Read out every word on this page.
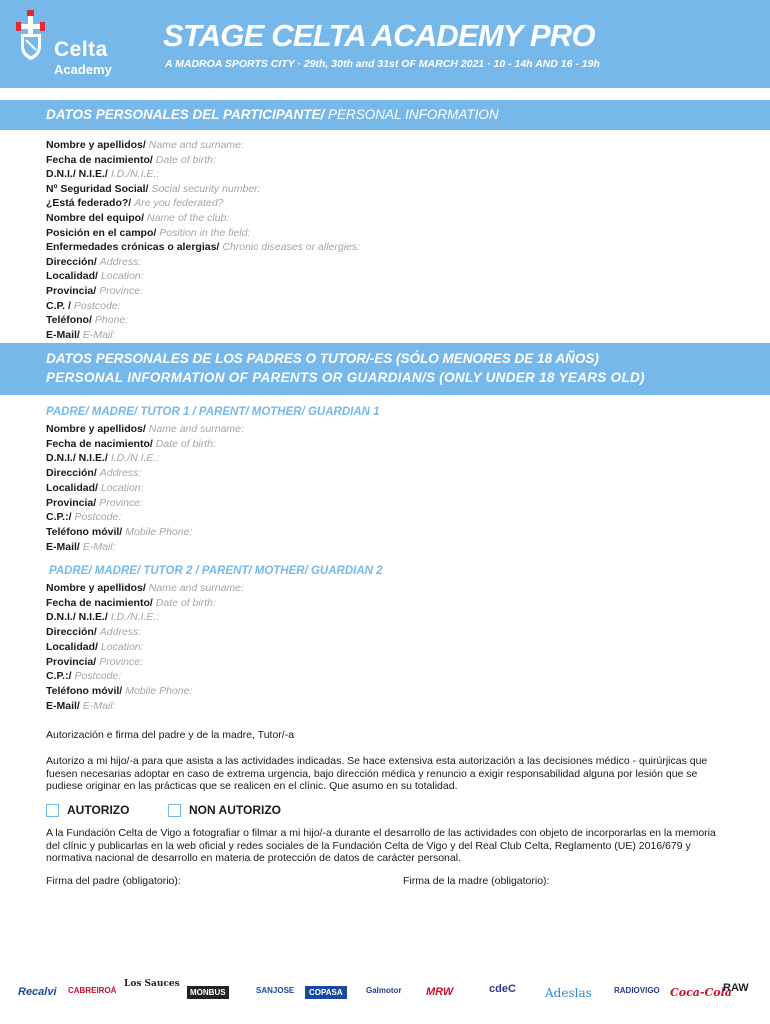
Celta
Academy
STAGE CELTA ACADEMY PRO
A MADROA SPORTS CITY · 29th, 30th and 31st OF MARCH 2021 · 10 - 14h AND 16 - 19h
DATOS PERSONALES DEL PARTICIPANTE/ PERSONAL INFORMATION
Nombre y apellidos/ Name and surname:
Fecha de nacimiento/ Date of birth:
D.N.I./ N.I.E./ I.D./N.I.E.:
Nº Seguridad Social/ Social security number:
¿Está federado?/ Are you federated?
Nombre del equipo/ Name of the club:
Posición en el campo/ Position in the field:
Enfermedades crónicas o alergias/ Chronic diseases or allergies:
Dirección/ Address:
Localidad/ Location:
Provincia/ Province:
C.P. / Postcode:
Teléfono/ Phone:
E-Mail/ E-Mail:
DATOS PERSONALES DE LOS PADRES O TUTOR/-ES (SÓLO MENORES DE 18 AÑOS)
PERSONAL INFORMATION OF PARENTS OR GUARDIAN/S (ONLY UNDER 18 YEARS OLD)
PADRE/ MADRE/ TUTOR 1 / PARENT/ MOTHER/ GUARDIAN 1
Nombre y apellidos/ Name and surname:
Fecha de nacimiento/ Date of birth:
D.N.I./ N.I.E./ I.D./N.I.E.:
Dirección/ Address:
Localidad/ Location:
Provincia/ Province:
C.P.:/ Postcode:
Teléfono móvil/ Mobile Phone:
E-Mail/ E-Mail:
PADRE/ MADRE/ TUTOR 2 / PARENT/ MOTHER/ GUARDIAN 2
Nombre y apellidos/ Name and surname:
Fecha de nacimiento/ Date of birth:
D.N.I./ N.I.E./ I.D./N.I.E.:
Dirección/ Address:
Localidad/ Location:
Provincia/ Province:
C.P.:/ Postcode:
Teléfono móvil/ Mobile Phone:
E-Mail/ E-Mail:
Autorización e firma del padre y de la madre, Tutor/-a
Autorizo a mi hijo/-a para que asista a las actividades indicadas. Se hace extensiva esta autorización a las decisiones médico - quirúrjicas que fuesen necesarias adoptar en caso de extrema urgencia, bajo dirección médica y renuncio a exigir responsabilidad alguna por lesión que se pudiese originar en las prácticas que se realicen en el clínic. Que asumo en su totalidad.
AUTORIZO	NON AUTORIZO
A la Fundación Celta de Vigo a fotografiar o filmar a mi hijo/-a durante el desarrollo de las actividades con objeto de incorporarlas en la memoria del clínic y publicarlas en la web oficial y redes sociales de la Fundación Celta de Vigo y del Real Club Celta, Reglamento (UE) 2016/679 y normativa nacional de desarrollo en materia de protección de datos de carácter personal.
Firma del padre (obligatorio):	Firma de la madre (obligatorio):
Recalvi CABREIROÁ
Los Sauces
MONBUS	SANJOSE	COPASA	Galmotor MRW	cdeC Adeslas	RADIOVIGO Coca-Cola
RAW
